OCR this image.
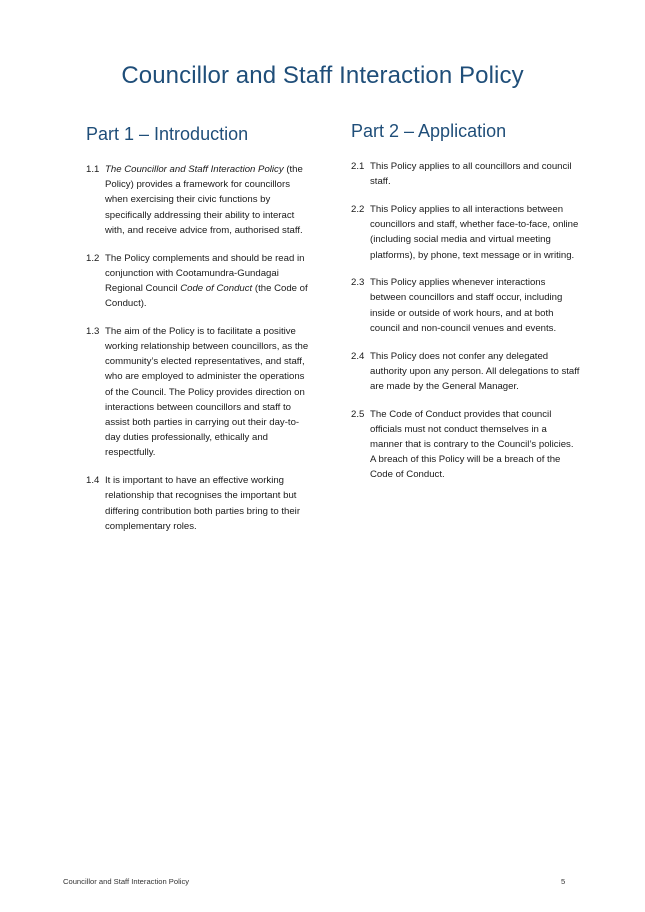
Councillor and Staff Interaction Policy
Part 1 – Introduction
1.1 The Councillor and Staff Interaction Policy (the Policy) provides a framework for councillors when exercising their civic functions by specifically addressing their ability to interact with, and receive advice from, authorised staff.
1.2 The Policy complements and should be read in conjunction with Cootamundra-Gundagai Regional Council Code of Conduct (the Code of Conduct).
1.3 The aim of the Policy is to facilitate a positive working relationship between councillors, as the community’s elected representatives, and staff, who are employed to administer the operations of the Council. The Policy provides direction on interactions between councillors and staff to assist both parties in carrying out their day-to-day duties professionally, ethically and respectfully.
1.4 It is important to have an effective working relationship that recognises the important but differing contribution both parties bring to their complementary roles.
Part 2 – Application
2.1 This Policy applies to all councillors and council staff.
2.2 This Policy applies to all interactions between councillors and staff, whether face-to-face, online (including social media and virtual meeting platforms), by phone, text message or in writing.
2.3 This Policy applies whenever interactions between councillors and staff occur, including inside or outside of work hours, and at both council and non-council venues and events.
2.4 This Policy does not confer any delegated authority upon any person. All delegations to staff are made by the General Manager.
2.5 The Code of Conduct provides that council officials must not conduct themselves in a manner that is contrary to the Council’s policies. A breach of this Policy will be a breach of the Code of Conduct.
Councillor and Staff Interaction Policy	5
